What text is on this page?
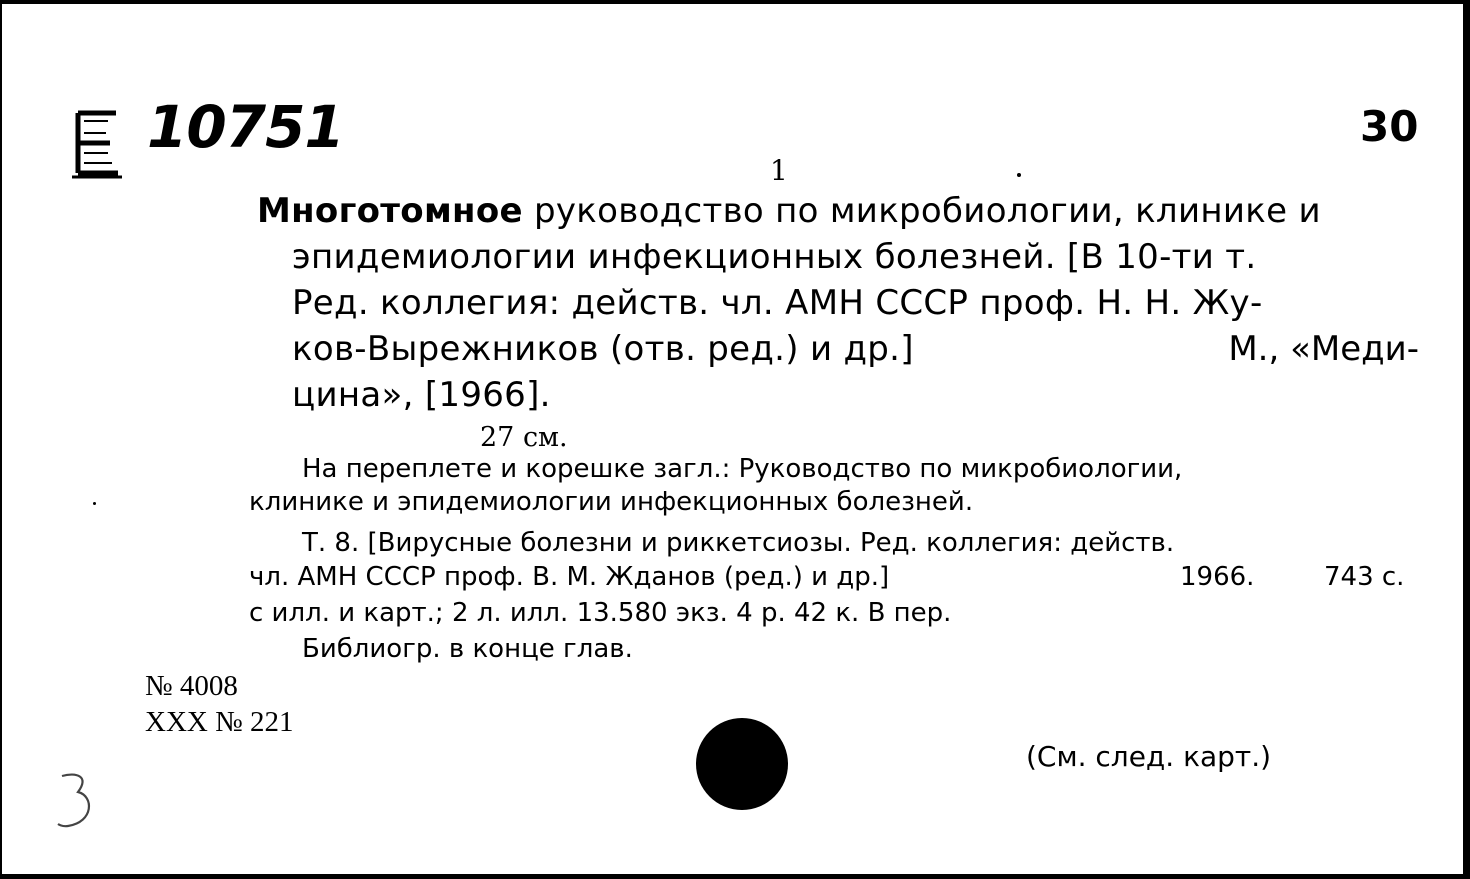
10751	30
1
Многотомное руководство по микробиологии, клинике и
эпидемиологии инфекционных болезней. [В 10-ти т.
Ред. коллегия: действ. чл. АМН СССР проф. Н. Н. Жу-
ков-Вырежников (отв. ред.) и др.]	М., «Меди-
цина», [1966].
27 см.
На переплете и корешке загл.: Руководство по микробиологии,
клинике и эпидемиологии инфекционных болезней.
Т. 8. [Вирусные болезни и риккетсиозы. Ред. коллегия: действ.
чл. АМН СССР проф. В. М. Жданов (ред.) и др.]	1966.	743 с.
с илл. и карт.; 2 л. илл. 13.580 экз. 4 р. 42 к. В пер.
Библиогр. в конце глав.
№ 4008
XXX № 221
(См. след. карт.)
